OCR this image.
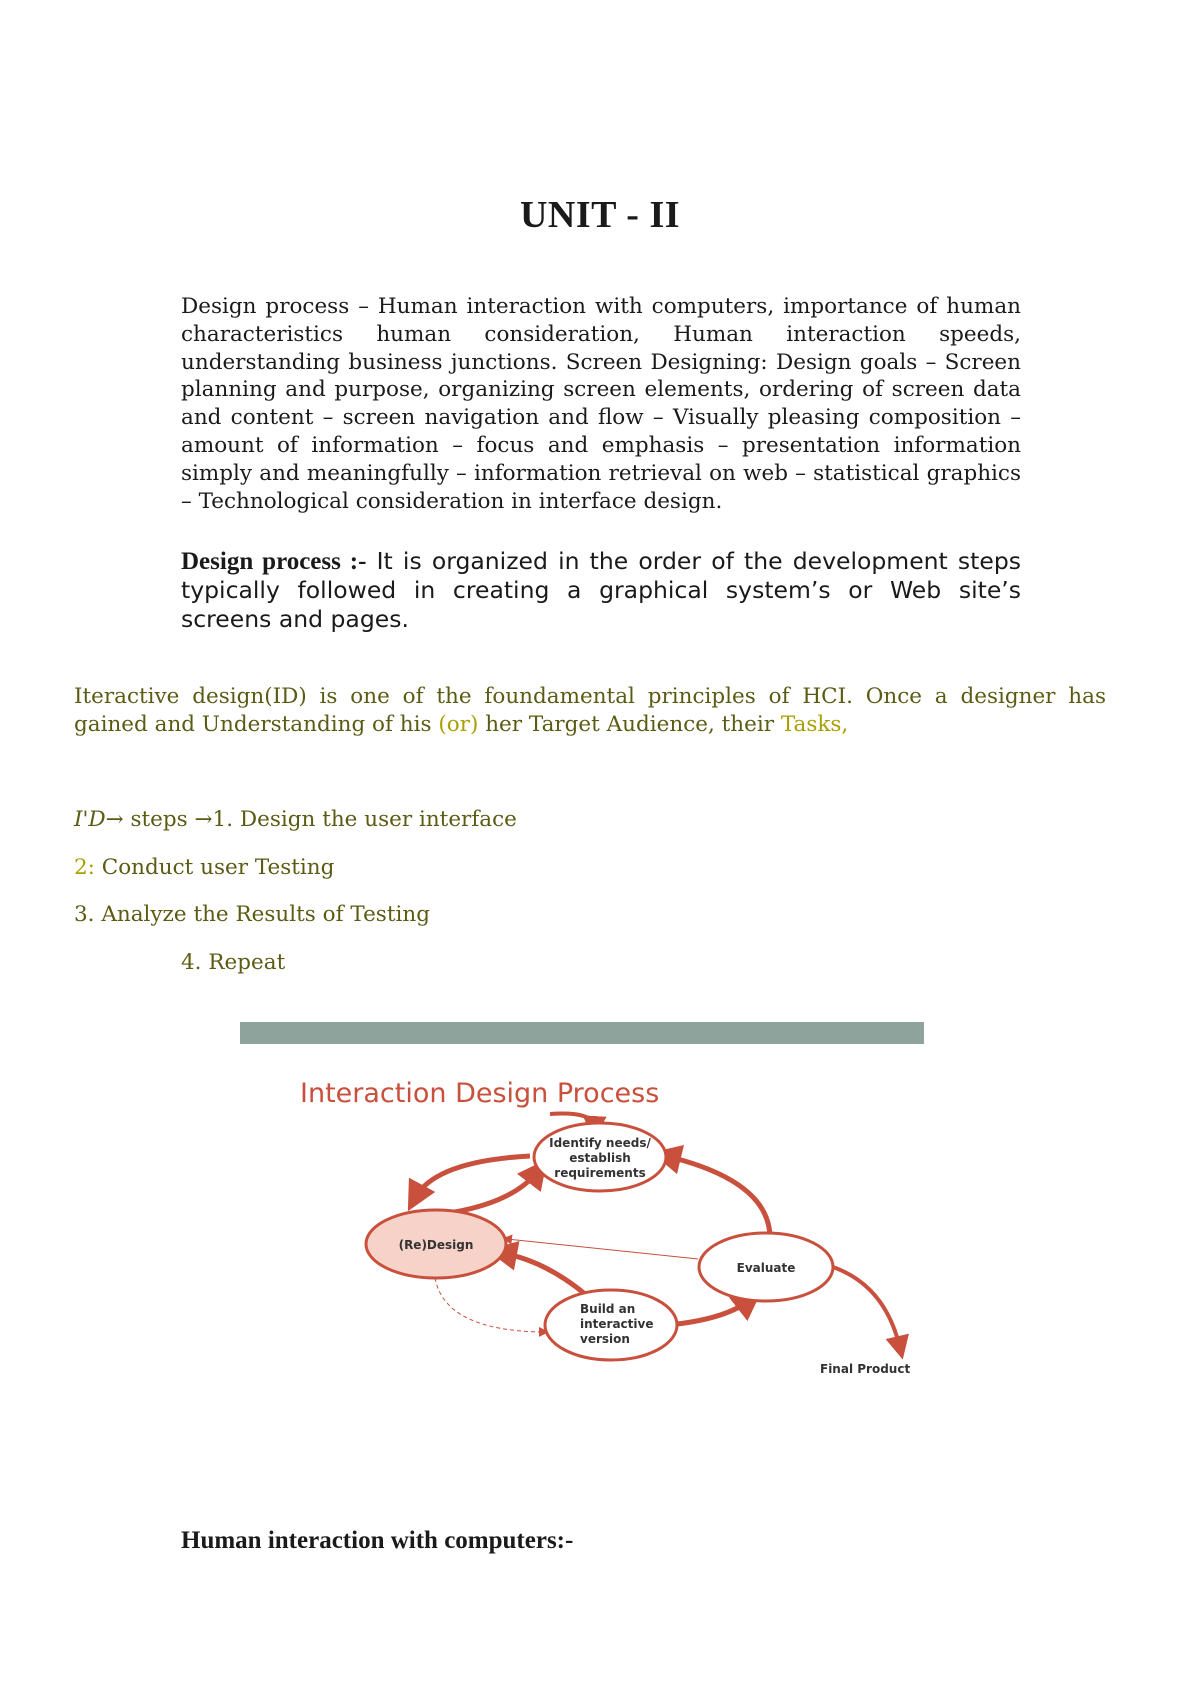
UNIT - II
Design process – Human interaction with computers, importance of human characteristics human consideration, Human interaction speeds, understanding business junctions. Screen Designing: Design goals – Screen planning and purpose, organizing screen elements, ordering of screen data and content – screen navigation and flow – Visually pleasing composition – amount of information – focus and emphasis – presentation information simply and meaningfully – information retrieval on web – statistical graphics – Technological consideration in interface design.
Design process :- It is organized in the order of the development steps typically followed in creating a graphical system’s or Web site’s screens and pages.
Iteractive design(ID) is one of the foundamental principles of HCI. Once a designer has gained and Understanding of his (or) her Target Audience, their Tasks,
I'D→ steps →1. Design the user interface
2: Conduct user Testing
3. Analyze the Results of Testing
4. Repeat
Interaction Design Process
Identify needs/
establish
requirements
(Re)Design
Evaluate
Build an
interactive
version
Final Product
Human interaction with computers:-
